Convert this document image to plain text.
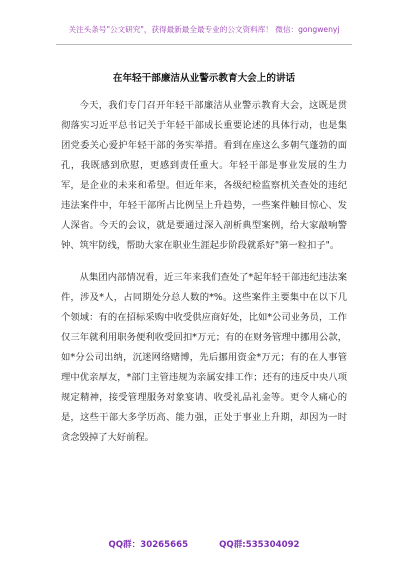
关注头条号"公文研究"，获得最新最全最专业的公文资料库！ 微信：gongwenyj
在年轻干部廉洁从业警示教育大会上的讲话

今天，我们专门召开年轻干部廉洁从业警示教育大会，这既是贯彻落实习近平总书记关于年轻干部成长重要论述的具体行动，也是集团党委关心爱护年轻干部的务实举措。看到在座这么多朝气蓬勃的面孔，我既感到欣慰，更感到责任重大。年轻干部是事业发展的生力军，是企业的未来和希望。但近年来，各级纪检监察机关查处的违纪违法案件中，年轻干部所占比例呈上升趋势，一些案件触目惊心、发人深省。今天的会议，就是要通过深入剖析典型案例，给大家敲响警钟、筑牢防线，帮助大家在职业生涯起步阶段就系好"第一粒扣子"。

从集团内部情况看，近三年来我们查处了*起年轻干部违纪违法案件，涉及*人，占同期处分总人数的*%。这些案件主要集中在以下几个领域：有的在招标采购中收受供应商好处，比如*公司业务员，工作仅三年就利用职务便利收受回扣*万元；有的在财务管理中挪用公款，如*分公司出纳，沉迷网络赌博，先后挪用资金*万元；有的在人事管理中优亲厚友，*部门主管违规为亲属安排工作；还有的违反中央八项规定精神，接受管理服务对象宴请、收受礼品礼金等。更令人痛心的是，这些干部大多学历高、能力强，正处于事业上升期，却因为一时贪念毁掉了大好前程。

QQ群：30265665	QQ群:535304092
